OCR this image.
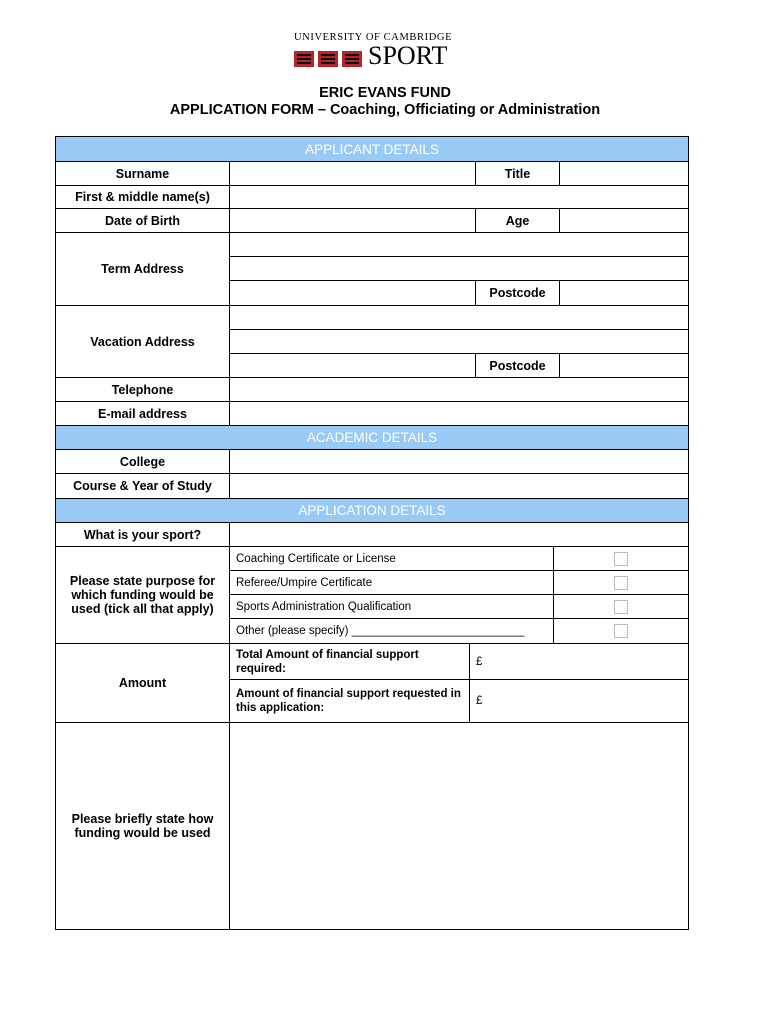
UNIVERSITY OF CAMBRIDGE
SPORT
ERIC EVANS FUND
APPLICATION FORM – Coaching, Officiating or Administration
APPLICANT DETAILS
Surname	Title
First & middle name(s)
Date of Birth	Age
Term Address
Postcode
Vacation Address
Postcode
Telephone
E-mail address
ACADEMIC DETAILS
College
Course & Year of Study
APPLICATION DETAILS
What is your sport?
Please state purpose for which funding would be used (tick all that apply)
Coaching Certificate or License
Referee/Umpire Certificate
Sports Administration Qualification
Other (please specify) ___________________________
Amount
Total Amount of financial support required:
£
Amount of financial support requested in this application:
£
Please briefly state how funding would be used
